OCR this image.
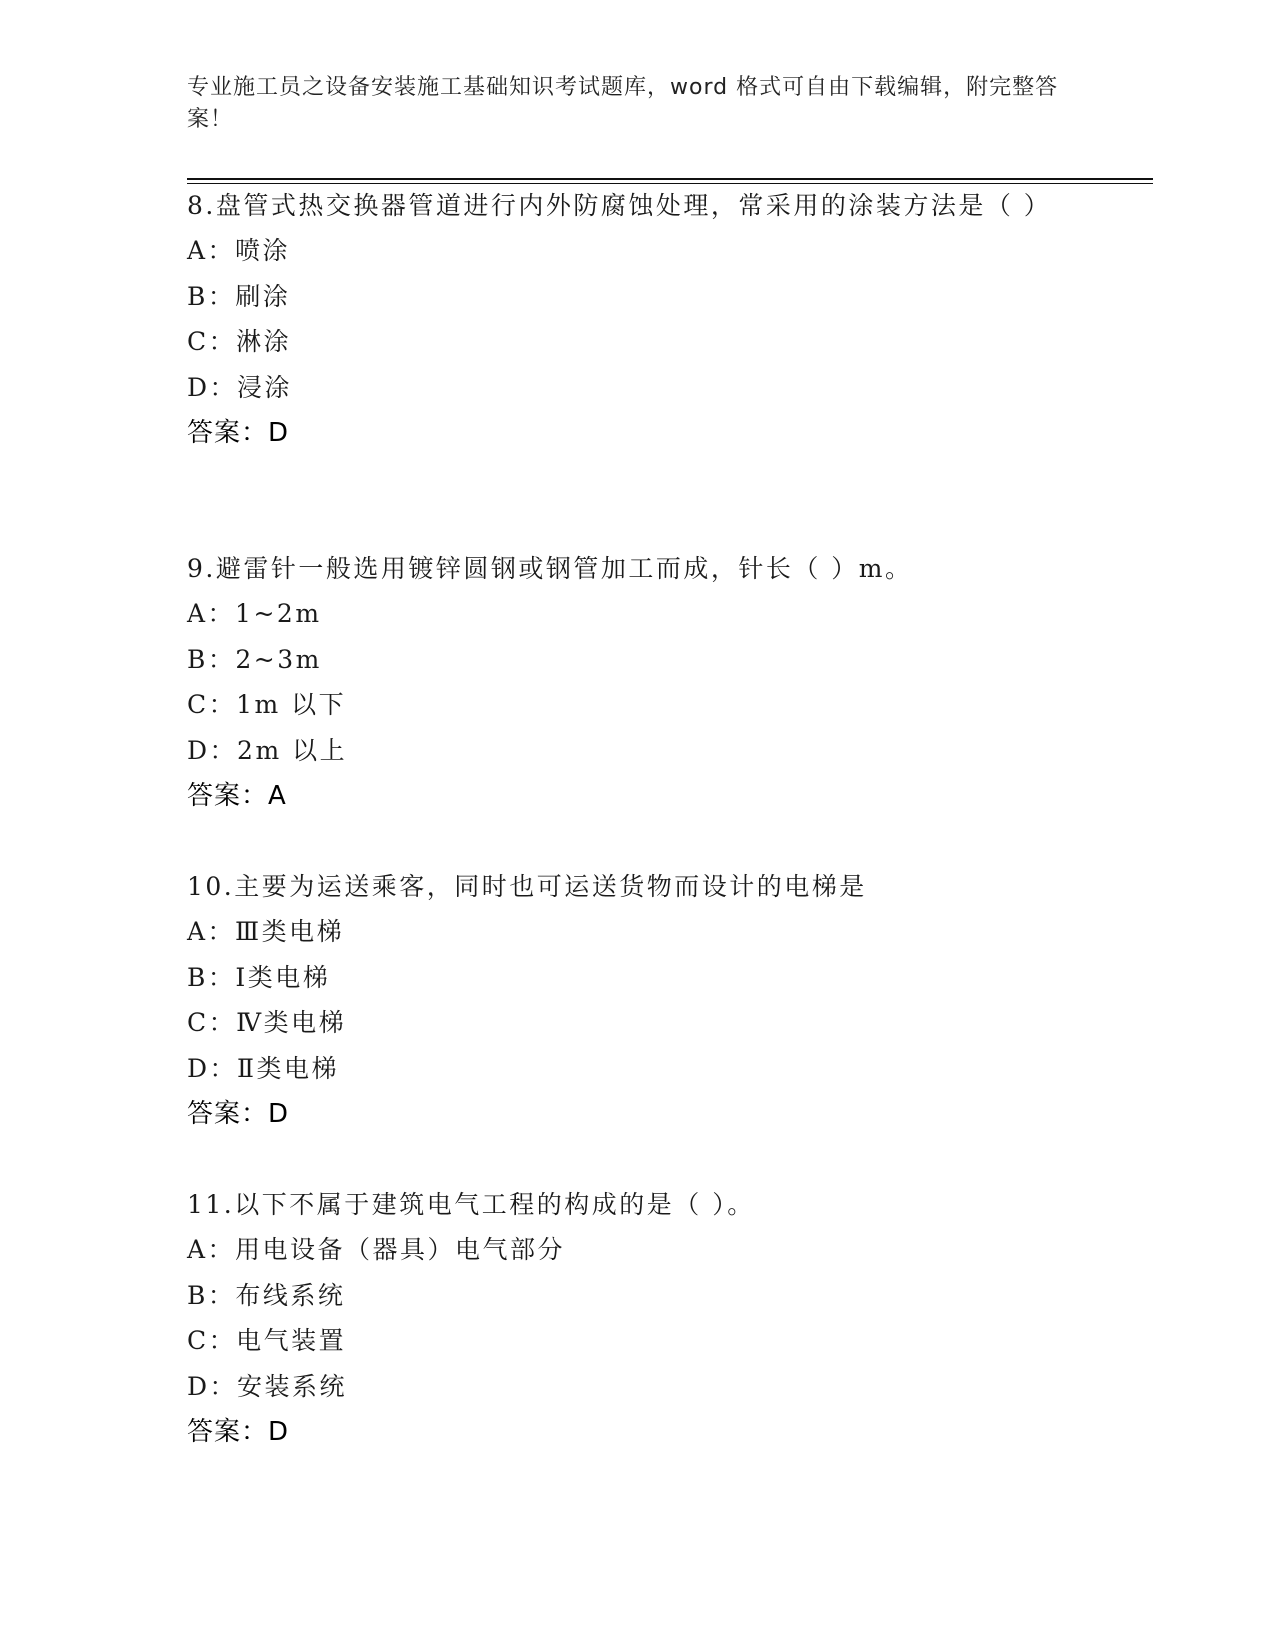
专业施工员之设备安装施工基础知识考试题库，word 格式可自由下载编辑，附完整答案！
8.盘管式热交换器管道进行内外防腐蚀处理，常采用的涂装方法是（ ）
A：喷涂
B：刷涂
C：淋涂
D：浸涂
答案：D
9.避雷针一般选用镀锌圆钢或钢管加工而成，针长（ ）m。
A：1~2m
B：2~3m
C：1m 以下
D：2m 以上
答案：A
10.主要为运送乘客，同时也可运送货物而设计的电梯是
A：Ⅲ类电梯
B：Ⅰ类电梯
C：Ⅳ类电梯
D：Ⅱ类电梯
答案：D
11.以下不属于建筑电气工程的构成的是（ ）。
A：用电设备（器具）电气部分
B：布线系统
C：电气装置
D：安装系统
答案：D
